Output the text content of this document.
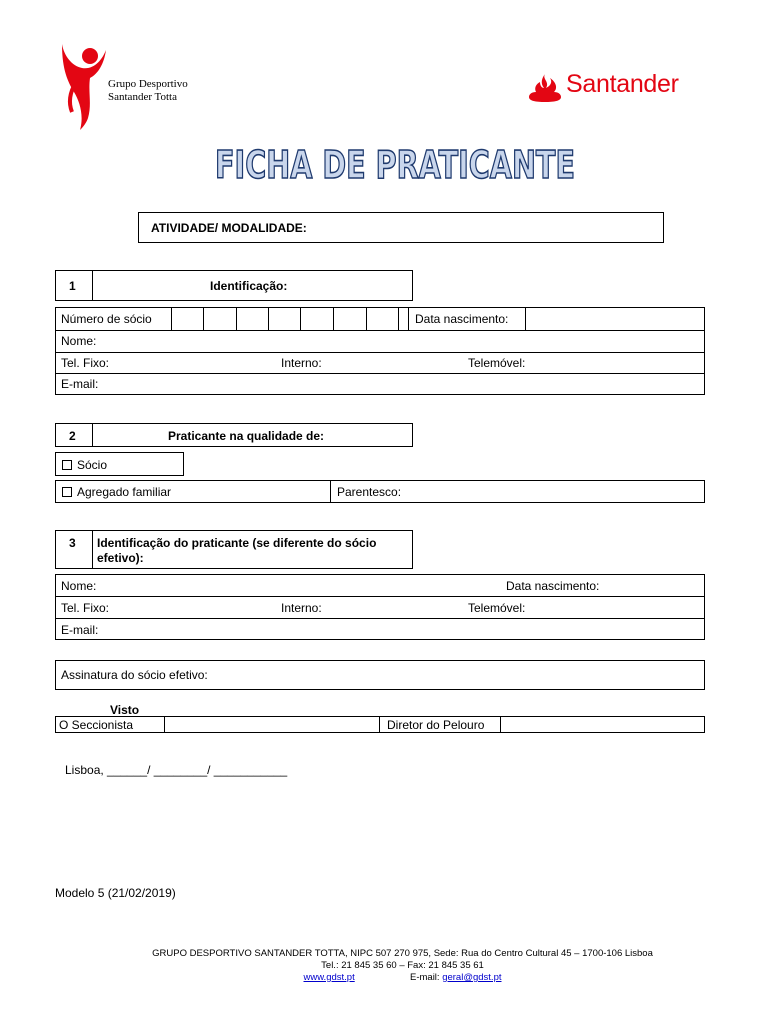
Grupo Desportivo
Santander Totta	Santander
FICHA DE PRATICANTE
ATIVIDADE/ MODALIDADE:
1	Identificação:
Número de sócio	Data nascimento:
Nome:
Tel. Fixo:	Interno:	Telemóvel:
E-mail:
2	Praticante na qualidade de:
Sócio
Agregado familiar	Parentesco:
3 Identificação do praticante (se diferente do sócio
efetivo):
Nome:	Data nascimento:
Tel. Fixo:	Interno:	Telemóvel:
E-mail:
Assinatura do sócio efetivo:
Visto
O Seccionista	Diretor do Pelouro
Lisboa, ______/ ________/ ___________
Modelo 5 (21/02/2019)
GRUPO DESPORTIVO SANTANDER TOTTA, NIPC 507 270 975, Sede: Rua do Centro Cultural 45 – 1700-106 Lisboa
Tel.: 21 845 35 60 – Fax: 21 845 35 61
www.gdst.pt	E-mail: geral@gdst.pt
